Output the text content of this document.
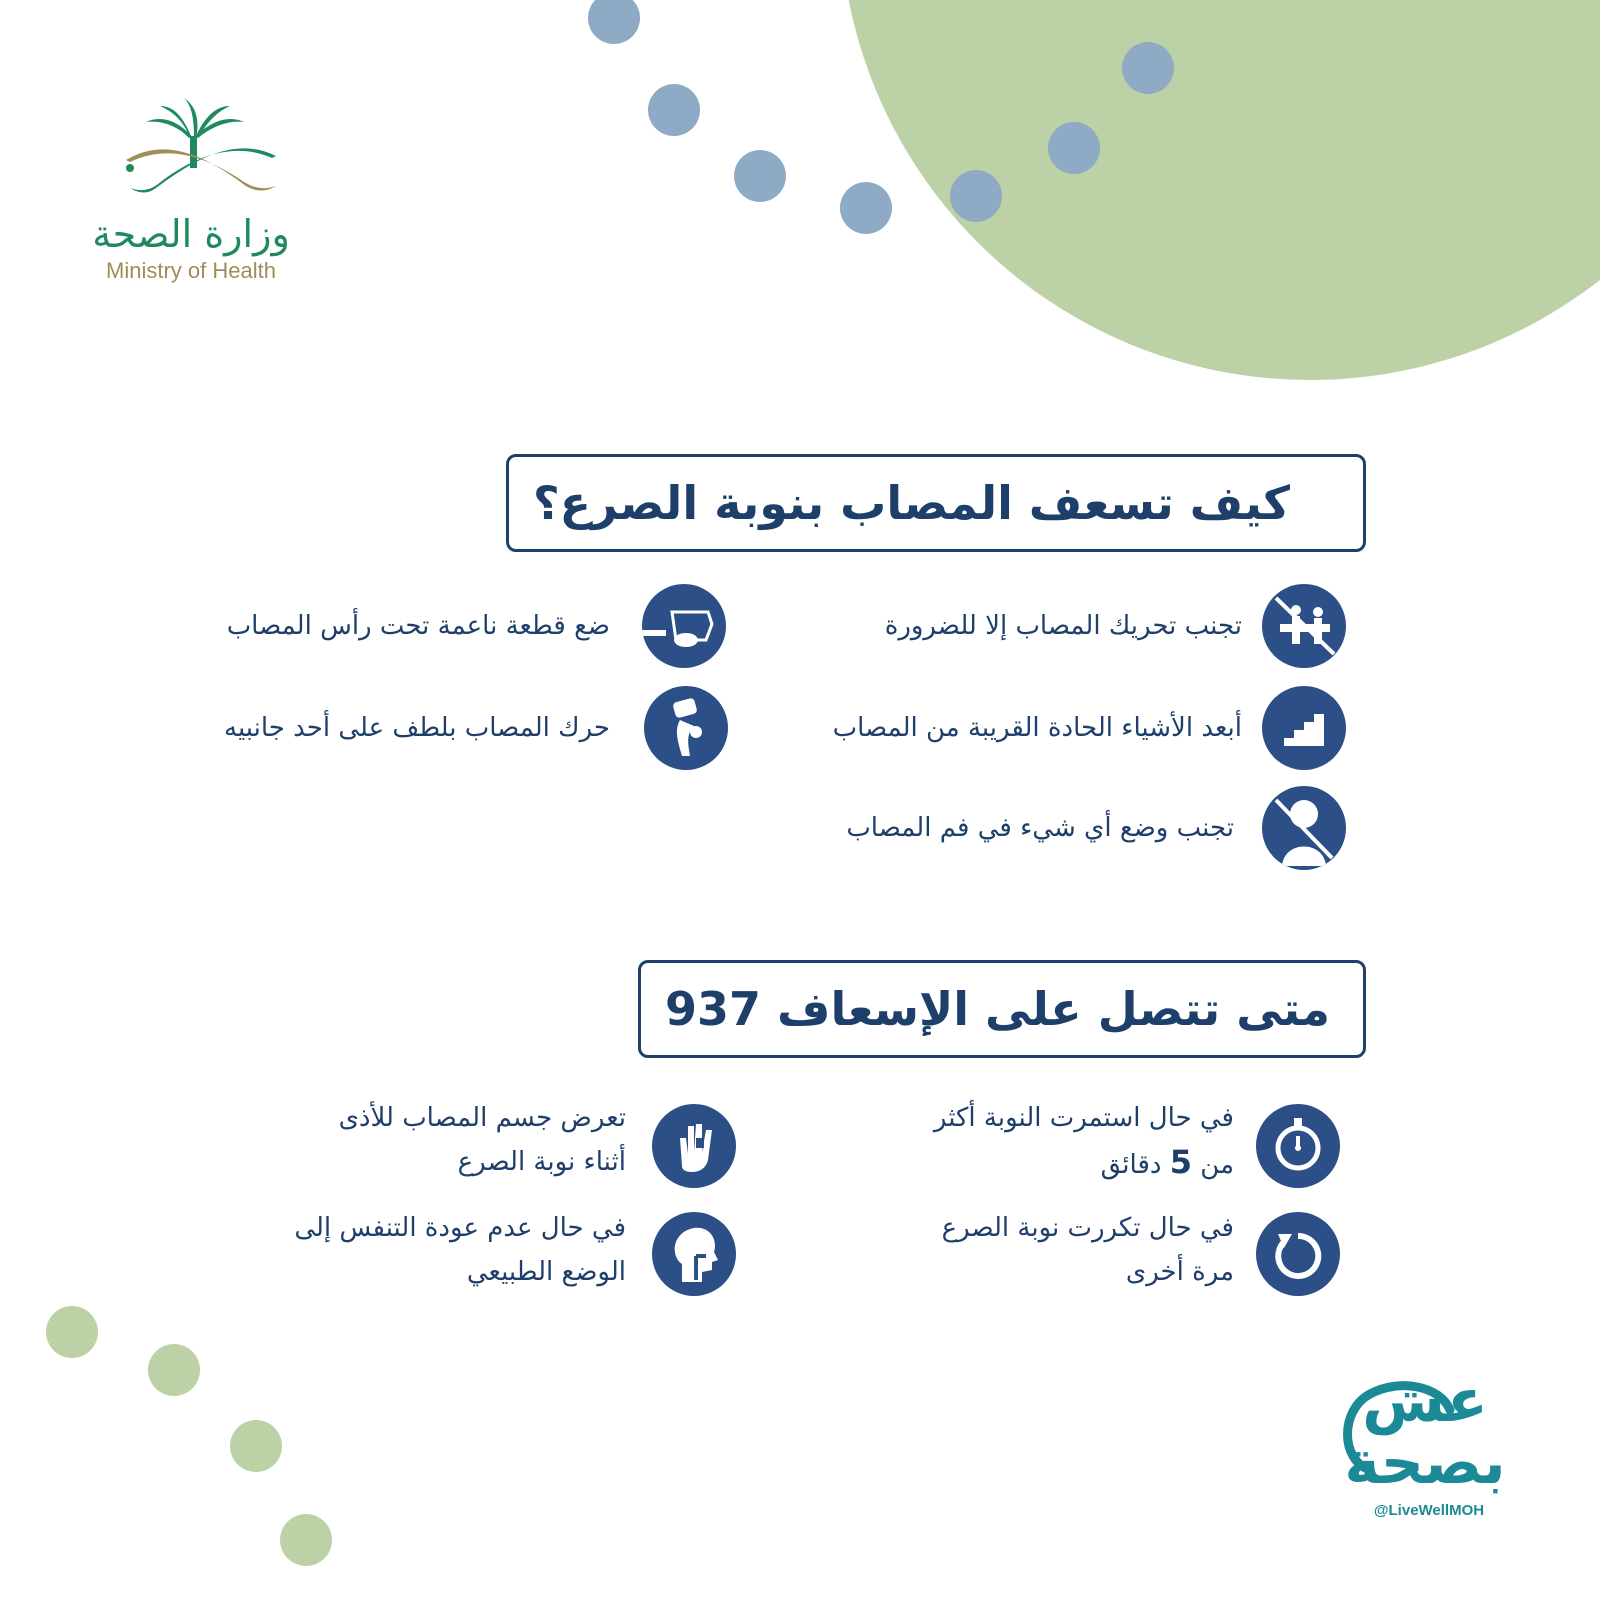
وزارة الصحة
Ministry of Health
كيف تسعف المصاب بنوبة الصرع؟
تجنب تحريك المصاب إلا للضرورة
ضع قطعة ناعمة تحت رأس المصاب
أبعد الأشياء الحادة القريبة من المصاب
حرك المصاب بلطف على أحد جانبيه
تجنب وضع أي شيء في فم المصاب
متى تتصل على الإسعاف 937
في حال استمرت النوبة أكثر
من 5 دقائق
تعرض جسم المصاب للأذى
أثناء نوبة الصرع
في حال تكررت نوبة الصرع
مرة أخرى
في حال عدم عودة التنفس إلى
الوضع الطبيعي
عش بصحة
@LiveWellMOH
